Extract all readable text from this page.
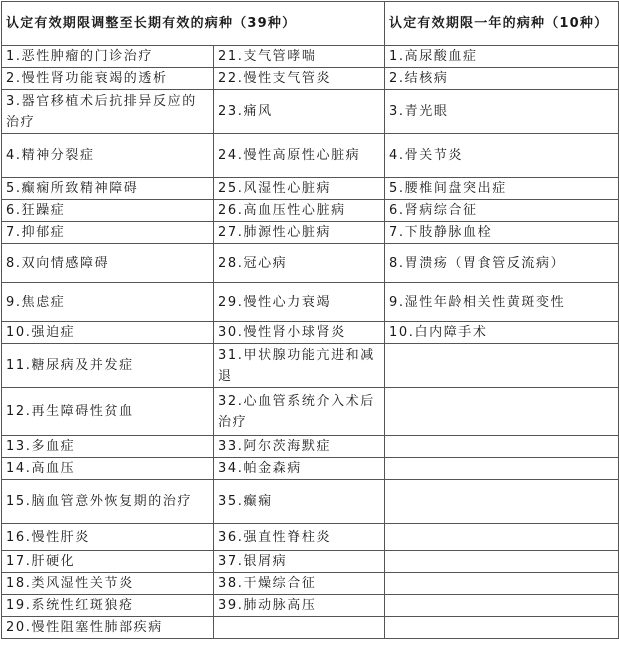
认定有效期限调整至长期有效的病种（39种）		认定有效期限一年的病种（10种）
1.恶性肿瘤的门诊治疗	21.支气管哮喘	1.高尿酸血症
2.慢性肾功能衰竭的透析	22.慢性支气管炎	2.结核病
3.器官移植术后抗排异反应的治疗	23.痛风	3.青光眼
4.精神分裂症	24.慢性高原性心脏病	4.骨关节炎
5.癫痫所致精神障碍	25.风湿性心脏病	5.腰椎间盘突出症
6.狂躁症	26.高血压性心脏病	6.肾病综合征
7.抑郁症	27.肺源性心脏病	7.下肢静脉血栓
8.双向情感障碍	28.冠心病	8.胃溃疡（胃食管反流病）
9.焦虑症	29.慢性心力衰竭	9.湿性年龄相关性黄斑变性
10.强迫症	30.慢性肾小球肾炎	10.白内障手术
11.糖尿病及并发症	31.甲状腺功能亢进和减退	
12.再生障碍性贫血	32.心血管系统介入术后治疗	
13.多血症	33.阿尔茨海默症	
14.高血压	34.帕金森病	
15.脑血管意外恢复期的治疗	35.癫痫	
16.慢性肝炎	36.强直性脊柱炎	
17.肝硬化	37.银屑病	
18.类风湿性关节炎	38.干燥综合征	
19.系统性红斑狼疮	39.肺动脉高压	
20.慢性阻塞性肺部疾病		
